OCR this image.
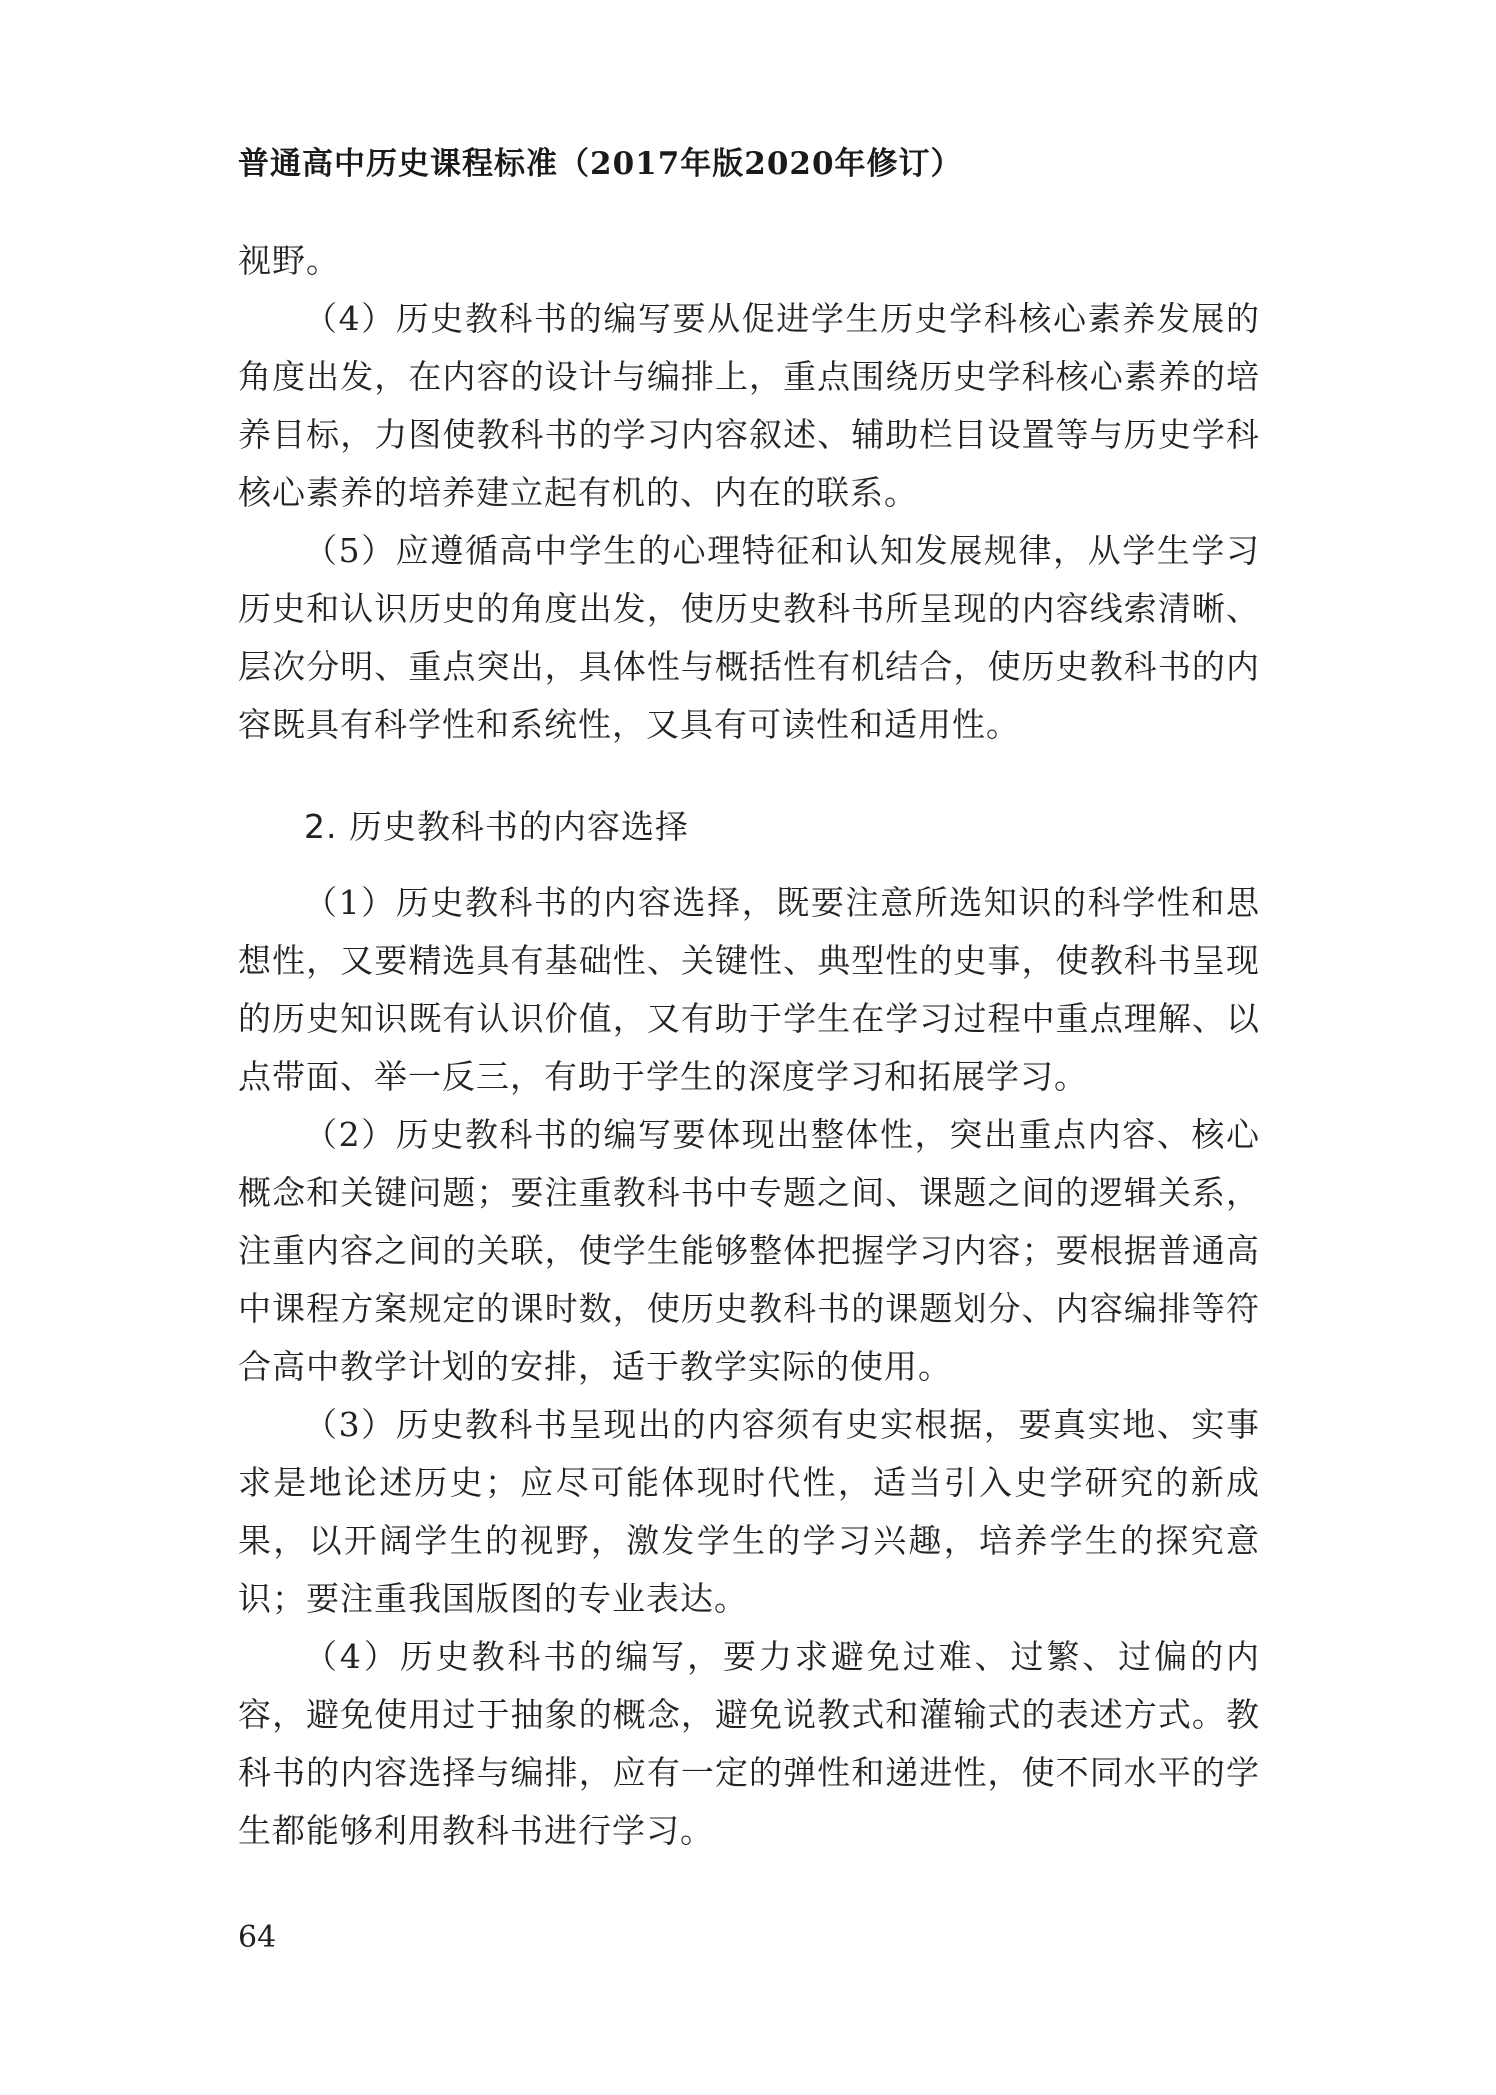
普通高中历史课程标准（2017年版2020年修订）

视野。

（4）历史教科书的编写要从促进学生历史学科核心素养发展的角度出发，在内容的设计与编排上，重点围绕历史学科核心素养的培养目标，力图使教科书的学习内容叙述、辅助栏目设置等与历史学科核心素养的培养建立起有机的、内在的联系。

（5）应遵循高中学生的心理特征和认知发展规律，从学生学习历史和认识历史的角度出发，使历史教科书所呈现的内容线索清晰、层次分明、重点突出，具体性与概括性有机结合，使历史教科书的内容既具有科学性和系统性，又具有可读性和适用性。

2. 历史教科书的内容选择

（1）历史教科书的内容选择，既要注意所选知识的科学性和思想性，又要精选具有基础性、关键性、典型性的史事，使教科书呈现的历史知识既有认识价值，又有助于学生在学习过程中重点理解、以点带面、举一反三，有助于学生的深度学习和拓展学习。

（2）历史教科书的编写要体现出整体性，突出重点内容、核心概念和关键问题；要注重教科书中专题之间、课题之间的逻辑关系，注重内容之间的关联，使学生能够整体把握学习内容；要根据普通高中课程方案规定的课时数，使历史教科书的课题划分、内容编排等符合高中教学计划的安排，适于教学实际的使用。

（3）历史教科书呈现出的内容须有史实根据，要真实地、实事求是地论述历史；应尽可能体现时代性，适当引入史学研究的新成果，以开阔学生的视野，激发学生的学习兴趣，培养学生的探究意识；要注重我国版图的专业表达。

（4）历史教科书的编写，要力求避免过难、过繁、过偏的内容，避免使用过于抽象的概念，避免说教式和灌输式的表述方式。教科书的内容选择与编排，应有一定的弹性和递进性，使不同水平的学生都能够利用教科书进行学习。

64
